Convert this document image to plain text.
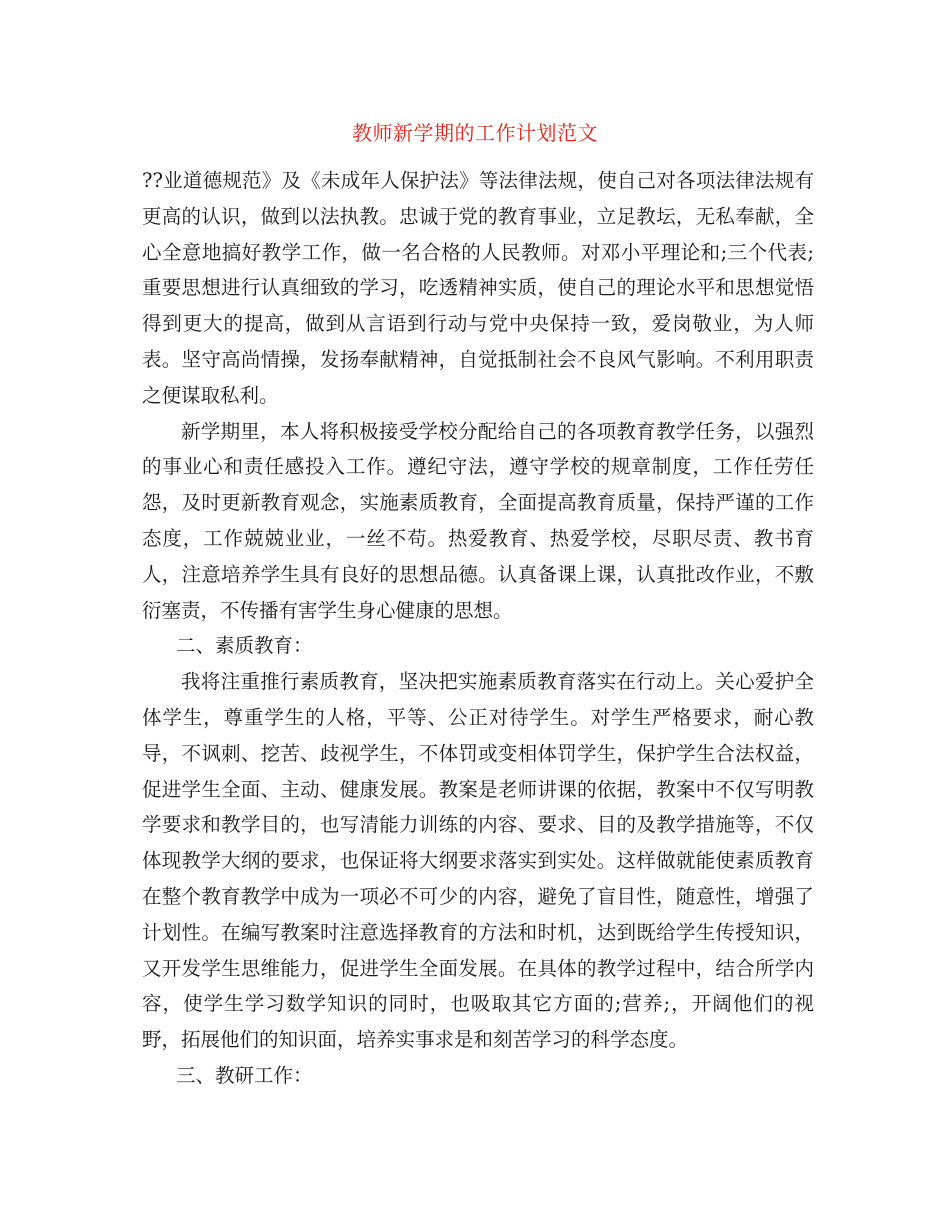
教师新学期的工作计划范文

??业道德规范》及《未成年人保护法》等法律法规，使自己对各项法律法规有更高的认识，做到以法执教。忠诚于党的教育事业，立足教坛，无私奉献，全心全意地搞好教学工作，做一名合格的人民教师。对邓小平理论和;三个代表;重要思想进行认真细致的学习，吃透精神实质，使自己的理论水平和思想觉悟得到更大的提高，做到从言语到行动与党中央保持一致，爱岗敬业，为人师表。坚守高尚情操，发扬奉献精神，自觉抵制社会不良风气影响。不利用职责之便谋取私利。

新学期里，本人将积极接受学校分配给自己的各项教育教学任务，以强烈的事业心和责任感投入工作。遵纪守法，遵守学校的规章制度，工作任劳任怨，及时更新教育观念，实施素质教育，全面提高教育质量，保持严谨的工作态度，工作兢兢业业，一丝不苟。热爱教育、热爱学校，尽职尽责、教书育人，注意培养学生具有良好的思想品德。认真备课上课，认真批改作业，不敷衍塞责，不传播有害学生身心健康的思想。

二、素质教育：

我将注重推行素质教育，坚决把实施素质教育落实在行动上。关心爱护全体学生，尊重学生的人格，平等、公正对待学生。对学生严格要求，耐心教导，不讽刺、挖苦、歧视学生，不体罚或变相体罚学生，保护学生合法权益，促进学生全面、主动、健康发展。教案是老师讲课的依据，教案中不仅写明教学要求和教学目的，也写清能力训练的内容、要求、目的及教学措施等，不仅体现教学大纲的要求，也保证将大纲要求落实到实处。这样做就能使素质教育在整个教育教学中成为一项必不可少的内容，避免了盲目性，随意性，增强了计划性。在编写教案时注意选择教育的方法和时机，达到既给学生传授知识，又开发学生思维能力，促进学生全面发展。在具体的教学过程中，结合所学内容，使学生学习数学知识的同时，也吸取其它方面的;营养;，开阔他们的视野，拓展他们的知识面，培养实事求是和刻苦学习的科学态度。

三、教研工作：
